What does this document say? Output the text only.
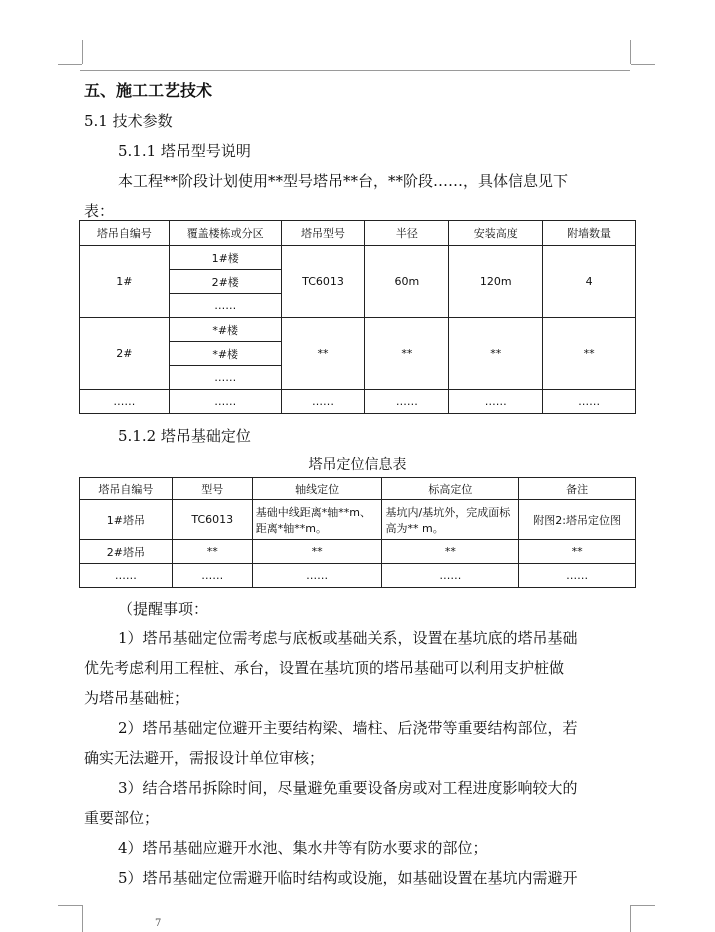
五、施工工艺技术
5.1 技术参数
5.1.1 塔吊型号说明
本工程**阶段计划使用**型号塔吊**台，**阶段……，具体信息见下
表：
塔吊自编号	覆盖楼栋或分区	塔吊型号	半径	安装高度	附墙数量
1#	1#楼	TC6013	60m	120m	4
	2#楼				
	……				
2#	*#楼	**	**	**	**
	*#楼				
	……				
……	……	……	……	……	……
5.1.2 塔吊基础定位
塔吊定位信息表
塔吊自编号	型号	轴线定位	标高定位	备注
1#塔吊	TC6013	基础中线距离*轴**m、距离*轴**m。	基坑内/基坑外，完成面标高为** m。	附图2:塔吊定位图
2#塔吊	**	**	**	**
……	……	……	……	……
（提醒事项：
1）塔吊基础定位需考虑与底板或基础关系，设置在基坑底的塔吊基础
优先考虑利用工程桩、承台，设置在基坑顶的塔吊基础可以利用支护桩做
为塔吊基础桩；
2）塔吊基础定位避开主要结构梁、墙柱、后浇带等重要结构部位，若
确实无法避开，需报设计单位审核；
3）结合塔吊拆除时间，尽量避免重要设备房或对工程进度影响较大的
重要部位；
4）塔吊基础应避开水池、集水井等有防水要求的部位；
5）塔吊基础定位需避开临时结构或设施，如基础设置在基坑内需避开
7
